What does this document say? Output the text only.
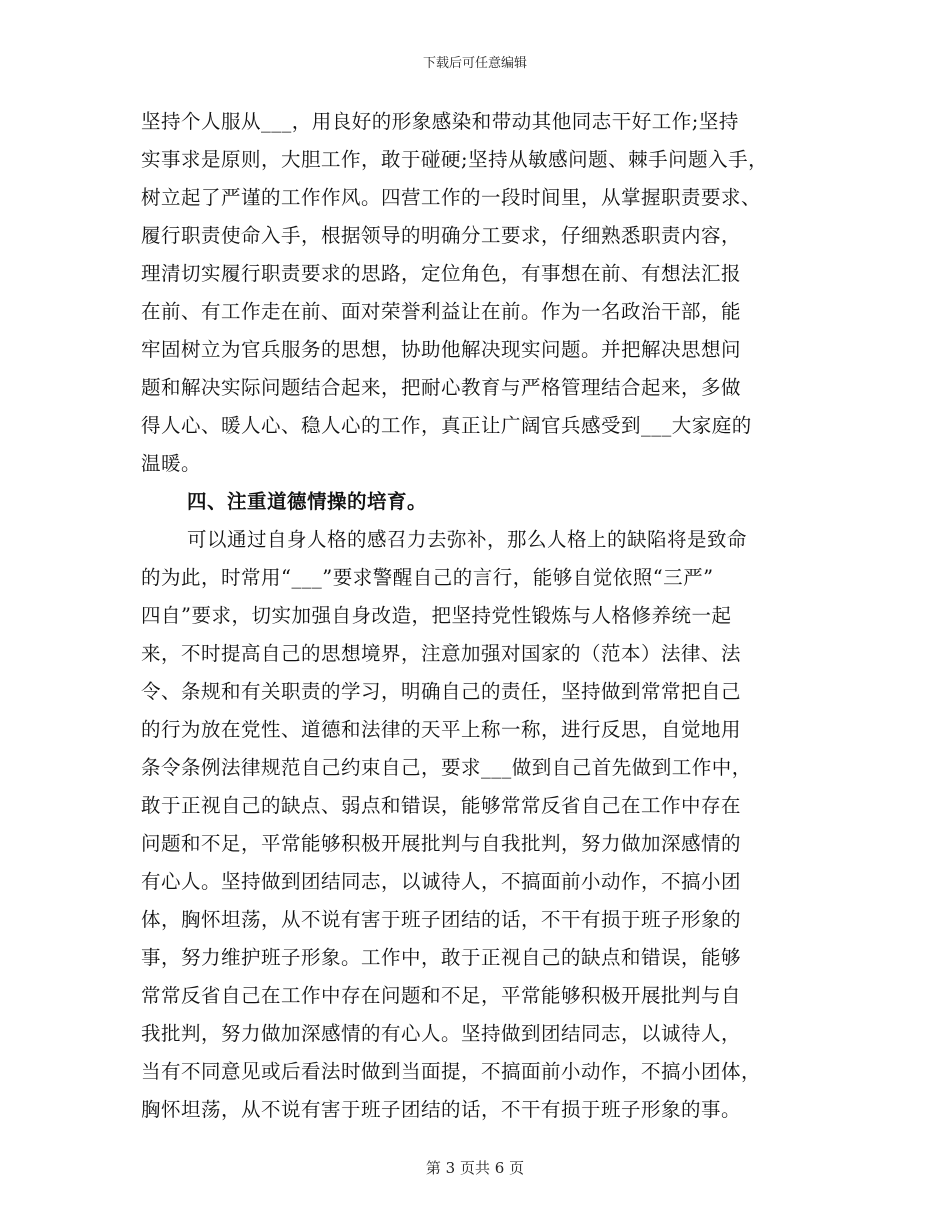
下载后可任意编辑
坚持个人服从___，用良好的形象感染和带动其他同志干好工作;坚持
实事求是原则，大胆工作，敢于碰硬;坚持从敏感问题、棘手问题入手，
树立起了严谨的工作作风。四营工作的一段时间里，从掌握职责要求、
履行职责使命入手，根据领导的明确分工要求，仔细熟悉职责内容，
理清切实履行职责要求的思路，定位角色，有事想在前、有想法汇报
在前、有工作走在前、面对荣誉利益让在前。作为一名政治干部，能
牢固树立为官兵服务的思想，协助他解决现实问题。并把解决思想问
题和解决实际问题结合起来，把耐心教育与严格管理结合起来，多做
得人心、暖人心、稳人心的工作，真正让广阔官兵感受到___大家庭的
温暖。
四、注重道德情操的培育。
可以通过自身人格的感召力去弥补，那么人格上的缺陷将是致命
的为此，时常用“___”要求警醒自己的言行，能够自觉依照“三严”
四自”要求，切实加强自身改造，把坚持党性锻炼与人格修养统一起
来，不时提高自己的思想境界，注意加强对国家的（范本）法律、法
令、条规和有关职责的学习，明确自己的责任，坚持做到常常把自己
的行为放在党性、道德和法律的天平上称一称，进行反思，自觉地用
条令条例法律规范自己约束自己，要求___做到自己首先做到工作中，
敢于正视自己的缺点、弱点和错误，能够常常反省自己在工作中存在
问题和不足，平常能够积极开展批判与自我批判，努力做加深感情的
有心人。坚持做到团结同志，以诚待人，不搞面前小动作，不搞小团
体，胸怀坦荡，从不说有害于班子团结的话，不干有损于班子形象的
事，努力维护班子形象。工作中，敢于正视自己的缺点和错误，能够
常常反省自己在工作中存在问题和不足，平常能够积极开展批判与自
我批判，努力做加深感情的有心人。坚持做到团结同志，以诚待人，
当有不同意见或后看法时做到当面提，不搞面前小动作，不搞小团体，
胸怀坦荡，从不说有害于班子团结的话，不干有损于班子形象的事。
第 3 页共 6 页
